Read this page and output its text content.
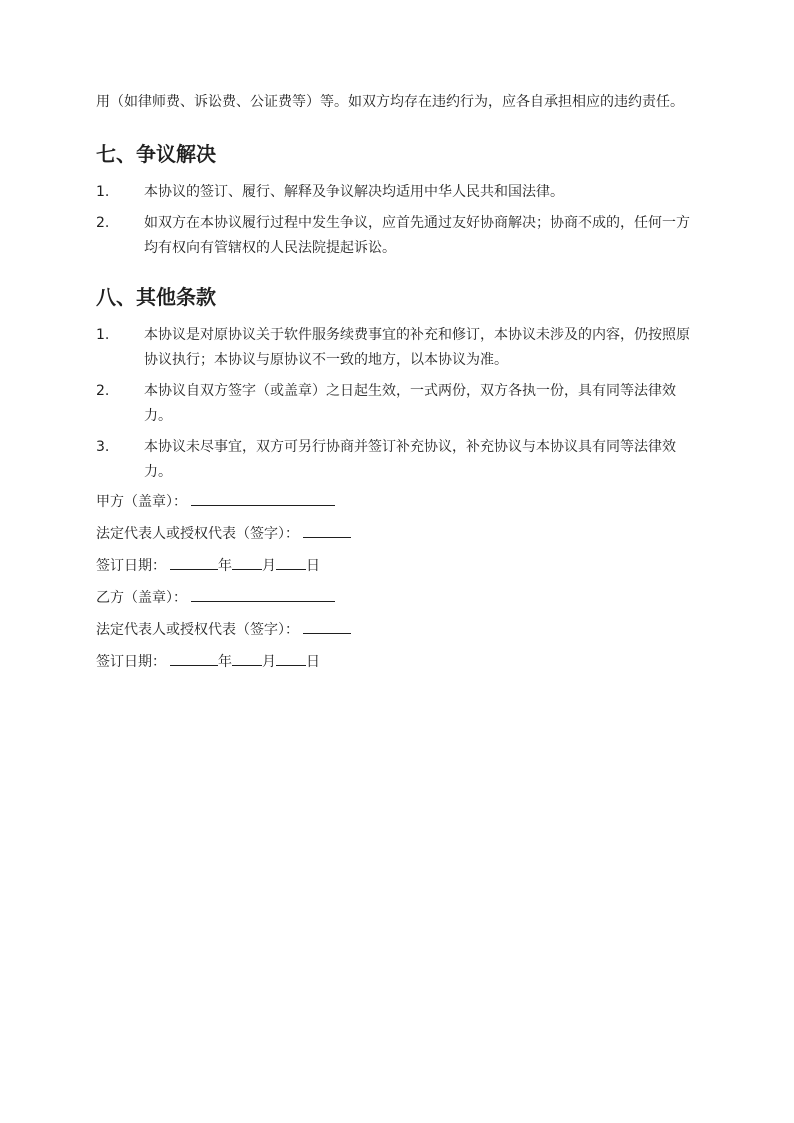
用（如律师费、诉讼费、公证费等）等。如双方均存在违约行为，应各自承担相应的违约责任。

七、争议解决
1.	本协议的签订、履行、解释及争议解决均适用中华人民共和国法律。
2.	如双方在本协议履行过程中发生争议，应首先通过友好协商解决；协商不成的，任何一方均有权向有管辖权的人民法院提起诉讼。
八、其他条款
1.	本协议是对原协议关于软件服务续费事宜的补充和修订，本协议未涉及的内容，仍按照原协议执行；本协议与原协议不一致的地方，以本协议为准。
2.	本协议自双方签字（或盖章）之日起生效，一式两份，双方各执一份，具有同等法律效力。
3.	本协议未尽事宜，双方可另行协商并签订补充协议，补充协议与本协议具有同等法律效力。
甲方（盖章）：
法定代表人或授权代表（签字）：
签订日期：	年 月 日
乙方（盖章）：
法定代表人或授权代表（签字）：
签订日期：	年 月 日
